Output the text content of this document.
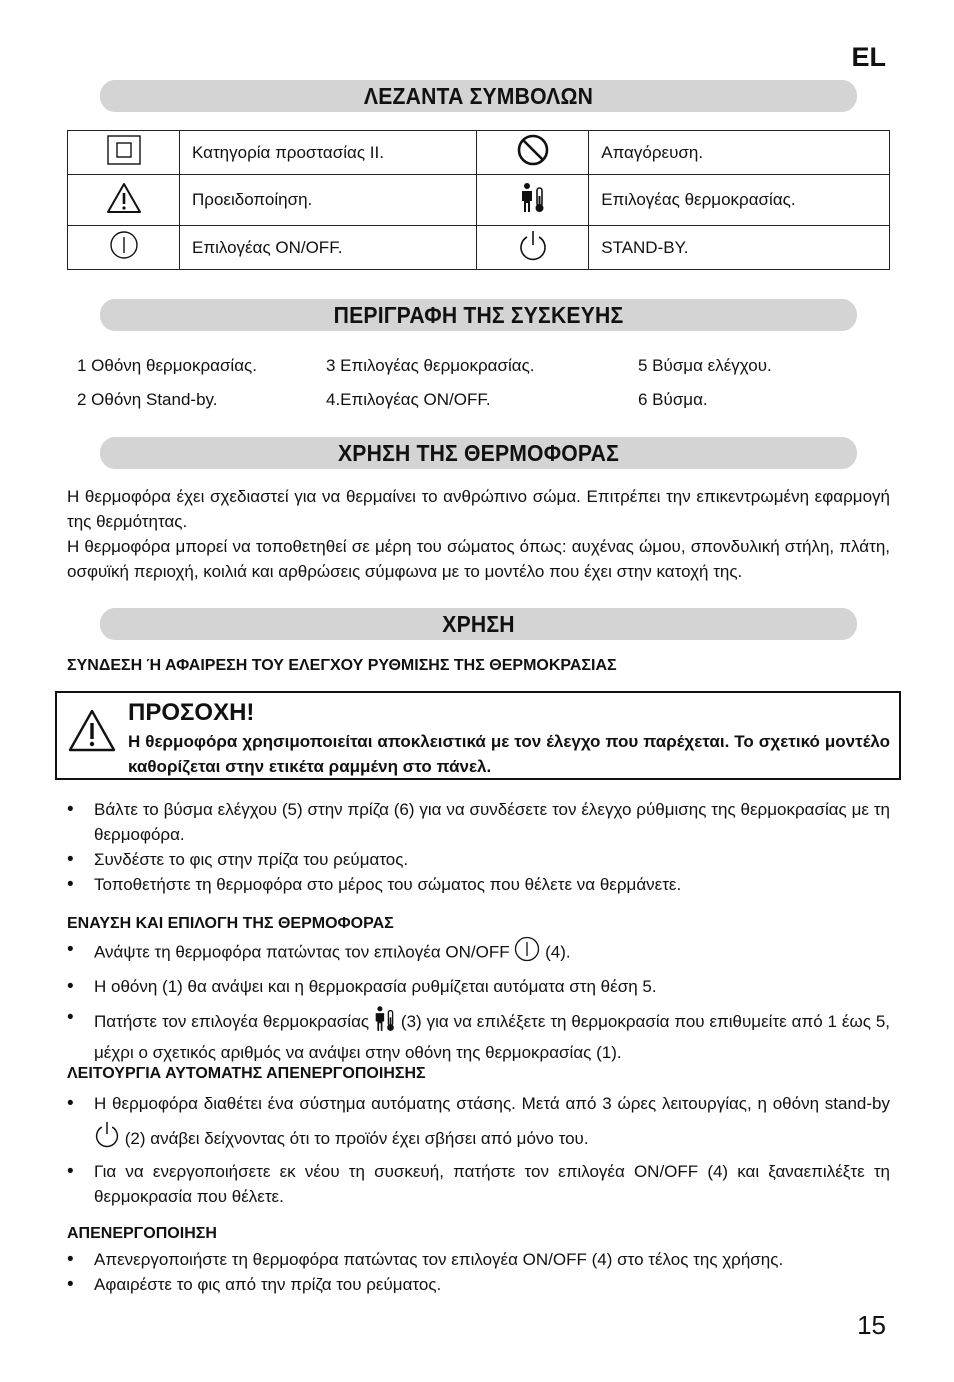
EL
ΛΕΖΑΝΤΑ ΣΥΜΒΟΛΩΝ
	Κατηγορία προστασίας II.		Απαγόρευση.
	Προειδοποίηση.		Επιλογέας θερμοκρασίας.
	Επιλογέας ON/OFF.		STAND-BY.
ΠΕΡΙΓΡΑΦΗ ΤΗΣ ΣΥΣΚΕΥΗΣ
1 Οθόνη θερμοκρασίας.
2 Οθόνη Stand-by.
3 Επιλογέας θερμοκρασίας.
4.Επιλογέας ON/OFF.
5 Βύσμα ελέγχου.
6 Βύσμα.
ΧΡΗΣΗ ΤΗΣ ΘΕΡΜΟΦΟΡΑΣ
Η θερμοφόρα έχει σχεδιαστεί για να θερμαίνει το ανθρώπινο σώμα. Επιτρέπει την επικεντρωμένη εφαρμογή της θερμότητας.
Η θερμοφόρα μπορεί να τοποθετηθεί σε μέρη του σώματος όπως: αυχένας ώμου, σπονδυλική στήλη, πλάτη, οσφυϊκή περιοχή, κοιλιά και αρθρώσεις σύμφωνα με το μοντέλο που έχει στην κατοχή της.
ΧΡΗΣΗ
ΣΥΝΔΕΣΗ Ή ΑΦΑΙΡΕΣΗ ΤΟΥ ΕΛΕΓΧΟΥ ΡΥΘΜΙΣΗΣ ΤΗΣ ΘΕΡΜΟΚΡΑΣΙΑΣ
ΠΡΟΣΟΧΗ!
Η θερμοφόρα χρησιμοποιείται αποκλειστικά με τον έλεγχο που παρέχεται. Το σχετικό μοντέλο καθορίζεται στην ετικέτα ραμμένη στο πάνελ.
• Βάλτε το βύσμα ελέγχου (5) στην πρίζα (6) για να συνδέσετε τον έλεγχο ρύθμισης της θερμοκρασίας με τη θερμοφόρα.
• Συνδέστε το φις στην πρίζα του ρεύματος.
• Τοποθετήστε τη θερμοφόρα στο μέρος του σώματος που θέλετε να θερμάνετε.
ΕΝΑΥΣΗ ΚΑΙ ΕΠΙΛΟΓΗ ΤΗΣ ΘΕΡΜΟΦΟΡΑΣ
• Ανάψτε τη θερμοφόρα πατώντας τον επιλογέα ON/OFF (4).
• Η οθόνη (1) θα ανάψει και η θερμοκρασία ρυθμίζεται αυτόματα στη θέση 5.
• Πατήστε τον επιλογέα θερμοκρασίας (3) για να επιλέξετε τη θερμοκρασία που επιθυμείτε από 1 έως 5, μέχρι ο σχετικός αριθμός να ανάψει στην οθόνη της θερμοκρασίας (1).
ΛΕΙΤΟΥΡΓΙΑ ΑΥΤΟΜΑΤΗΣ ΑΠΕΝΕΡΓΟΠΟΙΗΣΗΣ
• Η θερμοφόρα διαθέτει ένα σύστημα αυτόματης στάσης. Μετά από 3 ώρες λειτουργίας, η οθόνη stand-by  (2) ανάβει δείχνοντας ότι το προϊόν έχει σβήσει από μόνο του.
• Για να ενεργοποιήσετε εκ νέου τη συσκευή, πατήστε τον επιλογέα ON/OFF (4) και ξαναεπιλέξτε τη θερμοκρασία που θέλετε.
ΑΠΕΝΕΡΓΟΠΟΙΗΣΗ
• Απενεργοποιήστε τη θερμοφόρα πατώντας τον επιλογέα ON/OFF (4) στο τέλος της χρήσης.
• Αφαιρέστε το φις από την πρίζα του ρεύματος.
15
